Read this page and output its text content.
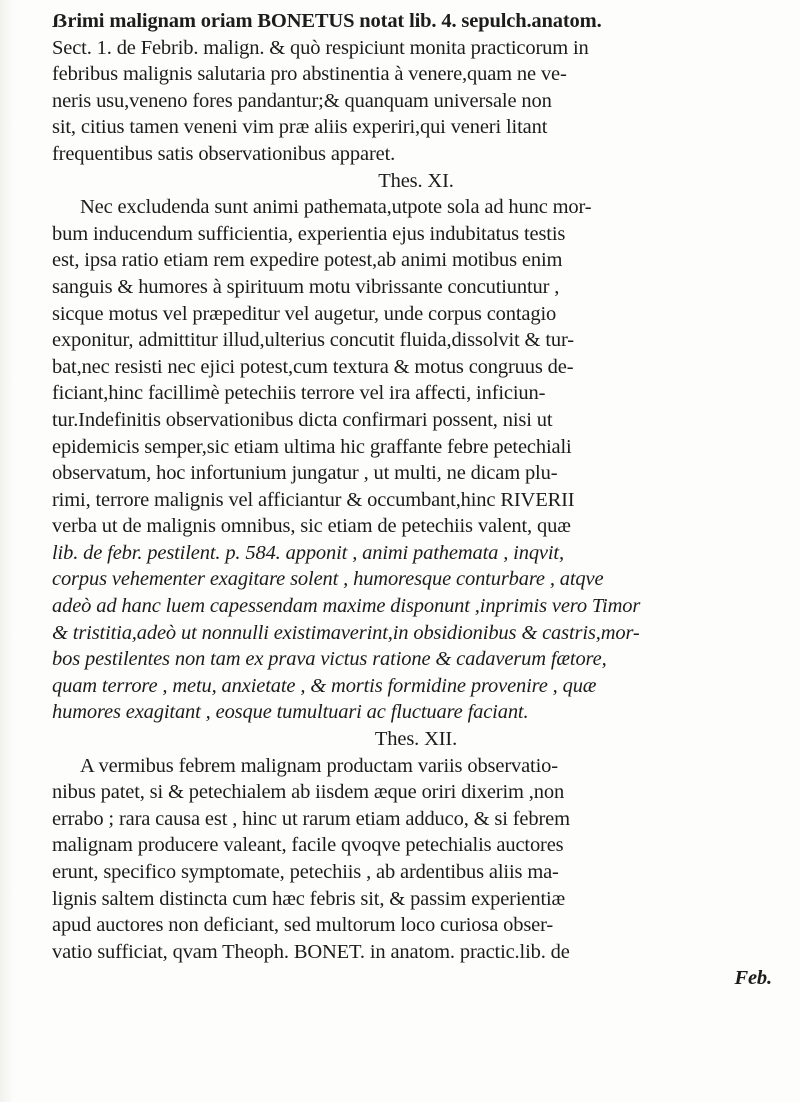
ẞrimi malignam oriam BONETUS notat lib. 4. sepulch.anatom.
Sect. 1. de Febrib. malign. & quò respiciunt monita practicorum in
febribus malignis salutaria pro abstinentia à venere,quam ne ve-
neris usu,veneno fores pandantur;& quanquam universale non
sit, citius tamen veneni vim præ aliis experiri,qui veneri litant
frequentibus satis observationibus apparet.
Thes. XI.
Nec excludenda sunt animi pathemata,utpote sola ad hunc mor-
bum inducendum sufficientia, experientia ejus indubitatus testis
est, ipsa ratio etiam rem expedire potest,ab animi motibus enim
sanguis & humores à spirituum motu vibrissante concutiuntur ,
sicque motus vel præpeditur vel augetur, unde corpus contagio
exponitur, admittitur illud,ulterius concutit fluida,dissolvit & tur-
bat,nec resisti nec ejici potest,cum textura & motus congruus de-
ficiant,hinc facillimè petechiis terrore vel ira affecti, inficiun-
tur.Indefinitis observationibus dicta confirmari possent, nisi ut
epidemicis semper,sic etiam ultima hic graffante febre petechiali
observatum, hoc infortunium jungatur , ut multi, ne dicam plu-
rimi, terrore malignis vel afficiantur & occumbant,hinc RIVERII
verba ut de malignis omnibus, sic etiam de petechiis valent, quæ
lib. de febr. pestilent. p. 584. apponit , animi pathemata , inqvit,
corpus vehementer exagitare solent , humoresque conturbare , atqve
adeò ad hanc luem capessendam maxime disponunt ,inprimis vero Timor
& tristitia,adeò ut nonnulli existimaverint,in obsidionibus & castris,mor-
bos pestilentes non tam ex prava victus ratione & cadaverum fætore,
quam terrore , metu, anxietate , & mortis formidine provenire , quæ
humores exagitant , eosque tumultuari ac fluctuare faciant.
Thes. XII.
A vermibus febrem malignam productam variis observatio-
nibus patet, si & petechialem ab iisdem æque oriri dixerim ,non
errabo ; rara causa est , hinc ut rarum etiam adduco, & si febrem
malignam producere valeant, facile qvoqve petechialis auctores
erunt, specifico symptomate, petechiis , ab ardentibus aliis ma-
lignis saltem distincta cum hæc febris sit, & passim experientiæ
apud auctores non deficiant, sed multorum loco curiosa obser-
vatio sufficiat, qvam Theoph. BONET. in anatom. practic.lib. de
Feb.
